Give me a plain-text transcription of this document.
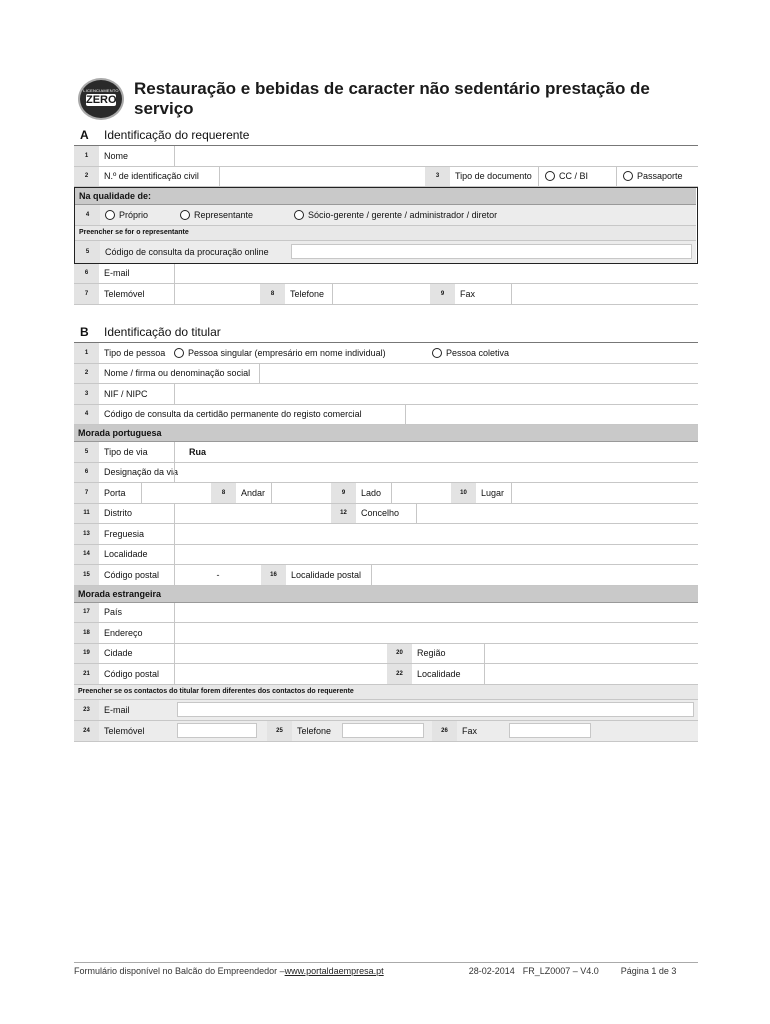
LICENCIAMENTO
ZERO
Restauração e bebidas de caracter não sedentário prestação de serviço
A	Identificação do requerente
1	Nome
2	N.º de identificação civil	3	Tipo de documento	CC / BI	Passaporte
Na qualidade de:
4	Próprio	Representante	Sócio-gerente / gerente / administrador / diretor
Preencher se for o representante
5	Código de consulta da procuração online
6	E-mail
7	Telemóvel	8	Telefone	9	Fax
B	Identificação do titular
1	Tipo de pessoa	Pessoa singular (empresário em nome individual)	Pessoa coletiva
2	Nome / firma ou denominação social
3	NIF / NIPC
4	Código de consulta da certidão permanente do registo comercial
Morada portuguesa
5	Tipo de via	Rua
6	Designação da via
7	Porta	8	Andar	9	Lado	10	Lugar
11	Distrito	12	Concelho
13	Freguesia
14	Localidade
15	Código postal	-	16	Localidade postal
Morada estrangeira
17	País
18	Endereço
19	Cidade	20	Região
21	Código postal	22	Localidade
Preencher se os contactos do titular forem diferentes dos contactos do requerente
23	E-mail
24	Telemóvel	25	Telefone	26	Fax
Formulário disponível no Balcão do Empreendedor – www.portaldaempresa.pt	28-02-2014 FR_LZ0007 – V4.0 Página 1 de 3
